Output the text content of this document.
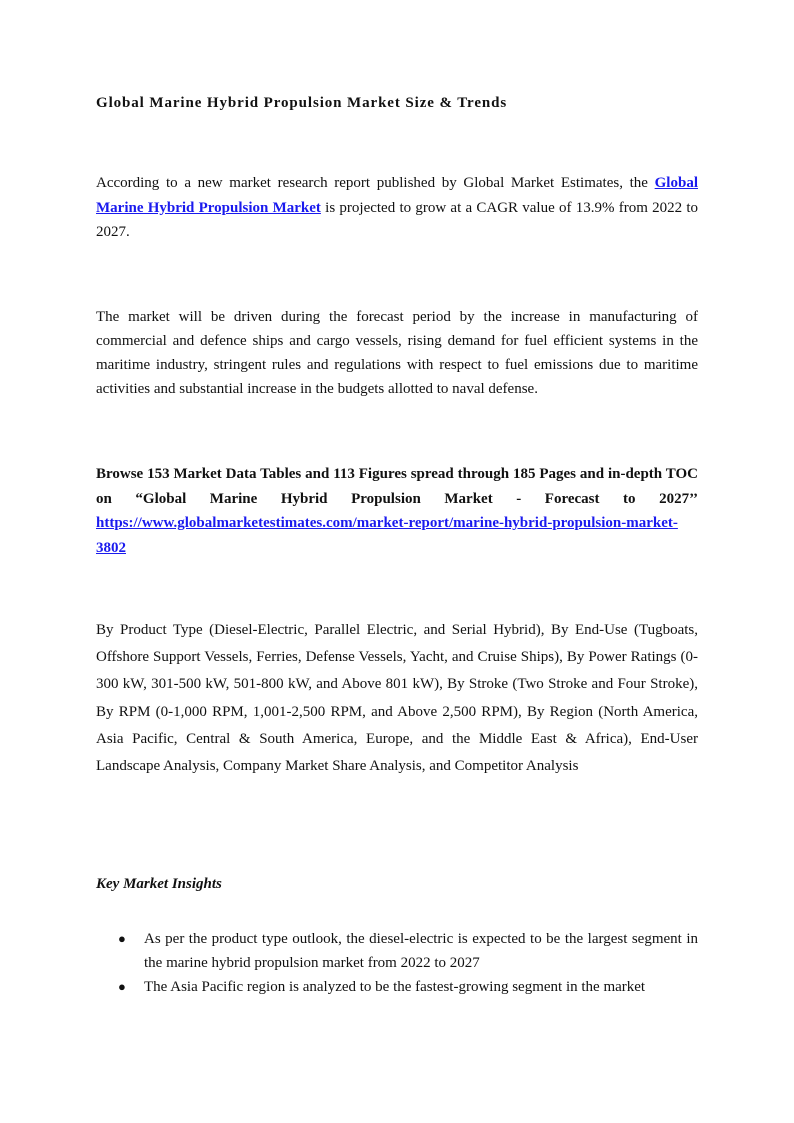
Global Marine Hybrid Propulsion Market Size & Trends

According to a new market research report published by Global Market Estimates, the Global Marine Hybrid Propulsion Market is projected to grow at a CAGR value of 13.9% from 2022 to 2027.

The market will be driven during the forecast period by the increase in manufacturing of commercial and defence ships and cargo vessels, rising demand for fuel efficient systems in the maritime industry, stringent rules and regulations with respect to fuel emissions due to maritime activities and substantial increase in the budgets allotted to naval defense.

Browse 153 Market Data Tables and 113 Figures spread through 185 Pages and in-depth TOC on “Global Marine Hybrid Propulsion Market - Forecast to 2027’’ https://www.globalmarketestimates.com/market-report/marine-hybrid-propulsion-market-3802

By Product Type (Diesel-Electric, Parallel Electric, and Serial Hybrid), By End-Use (Tugboats, Offshore Support Vessels, Ferries, Defense Vessels, Yacht, and Cruise Ships), By Power Ratings (0-300 kW, 301-500 kW, 501-800 kW, and Above 801 kW), By Stroke (Two Stroke and Four Stroke), By RPM (0-1,000 RPM, 1,001-2,500 RPM, and Above 2,500 RPM), By Region (North America, Asia Pacific, Central & South America, Europe, and the Middle East & Africa), End-User Landscape Analysis, Company Market Share Analysis, and Competitor Analysis

Key Market Insights

● As per the product type outlook, the diesel-electric is expected to be the largest segment in the marine hybrid propulsion market from 2022 to 2027
● The Asia Pacific region is analyzed to be the fastest-growing segment in the market
